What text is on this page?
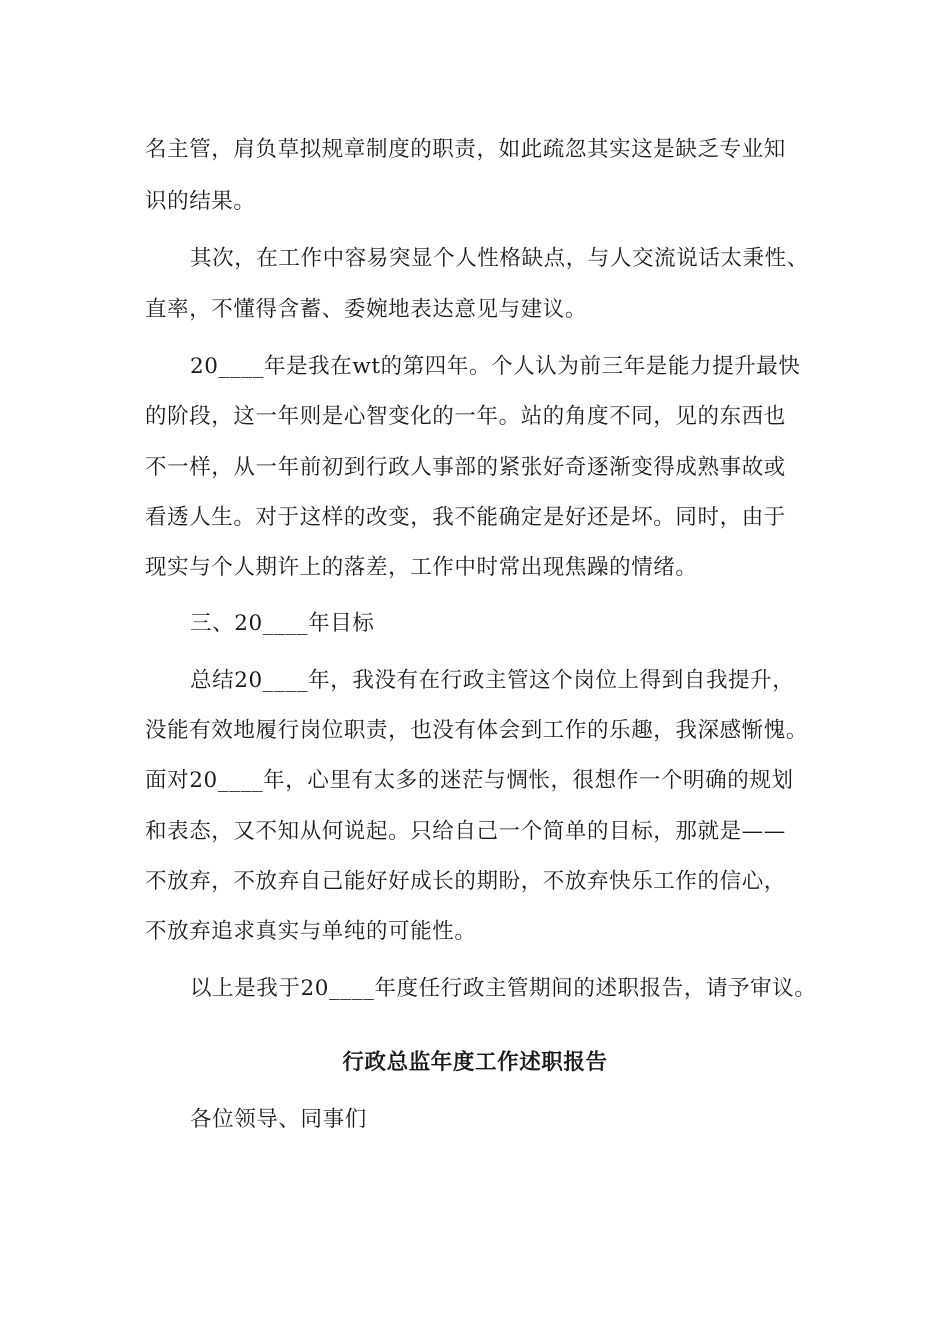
名主管，肩负草拟规章制度的职责，如此疏忽其实这是缺乏专业知
识的结果。
其次，在工作中容易突显个人性格缺点，与人交流说话太秉性、
直率，不懂得含蓄、委婉地表达意见与建议。
20____年是我在wt的第四年。个人认为前三年是能力提升最快
的阶段，这一年则是心智变化的一年。站的角度不同，见的东西也
不一样，从一年前初到行政人事部的紧张好奇逐渐变得成熟事故或
看透人生。对于这样的改变，我不能确定是好还是坏。同时，由于
现实与个人期许上的落差，工作中时常出现焦躁的情绪。
三、20____年目标
总结20____年，我没有在行政主管这个岗位上得到自我提升，
没能有效地履行岗位职责，也没有体会到工作的乐趣，我深感惭愧。
面对20____年，心里有太多的迷茫与惆怅，很想作一个明确的规划
和表态，又不知从何说起。只给自己一个简单的目标，那就是——
不放弃，不放弃自己能好好成长的期盼，不放弃快乐工作的信心，
不放弃追求真实与单纯的可能性。
以上是我于20____年度任行政主管期间的述职报告，请予审议。
行政总监年度工作述职报告
各位领导、同事们
